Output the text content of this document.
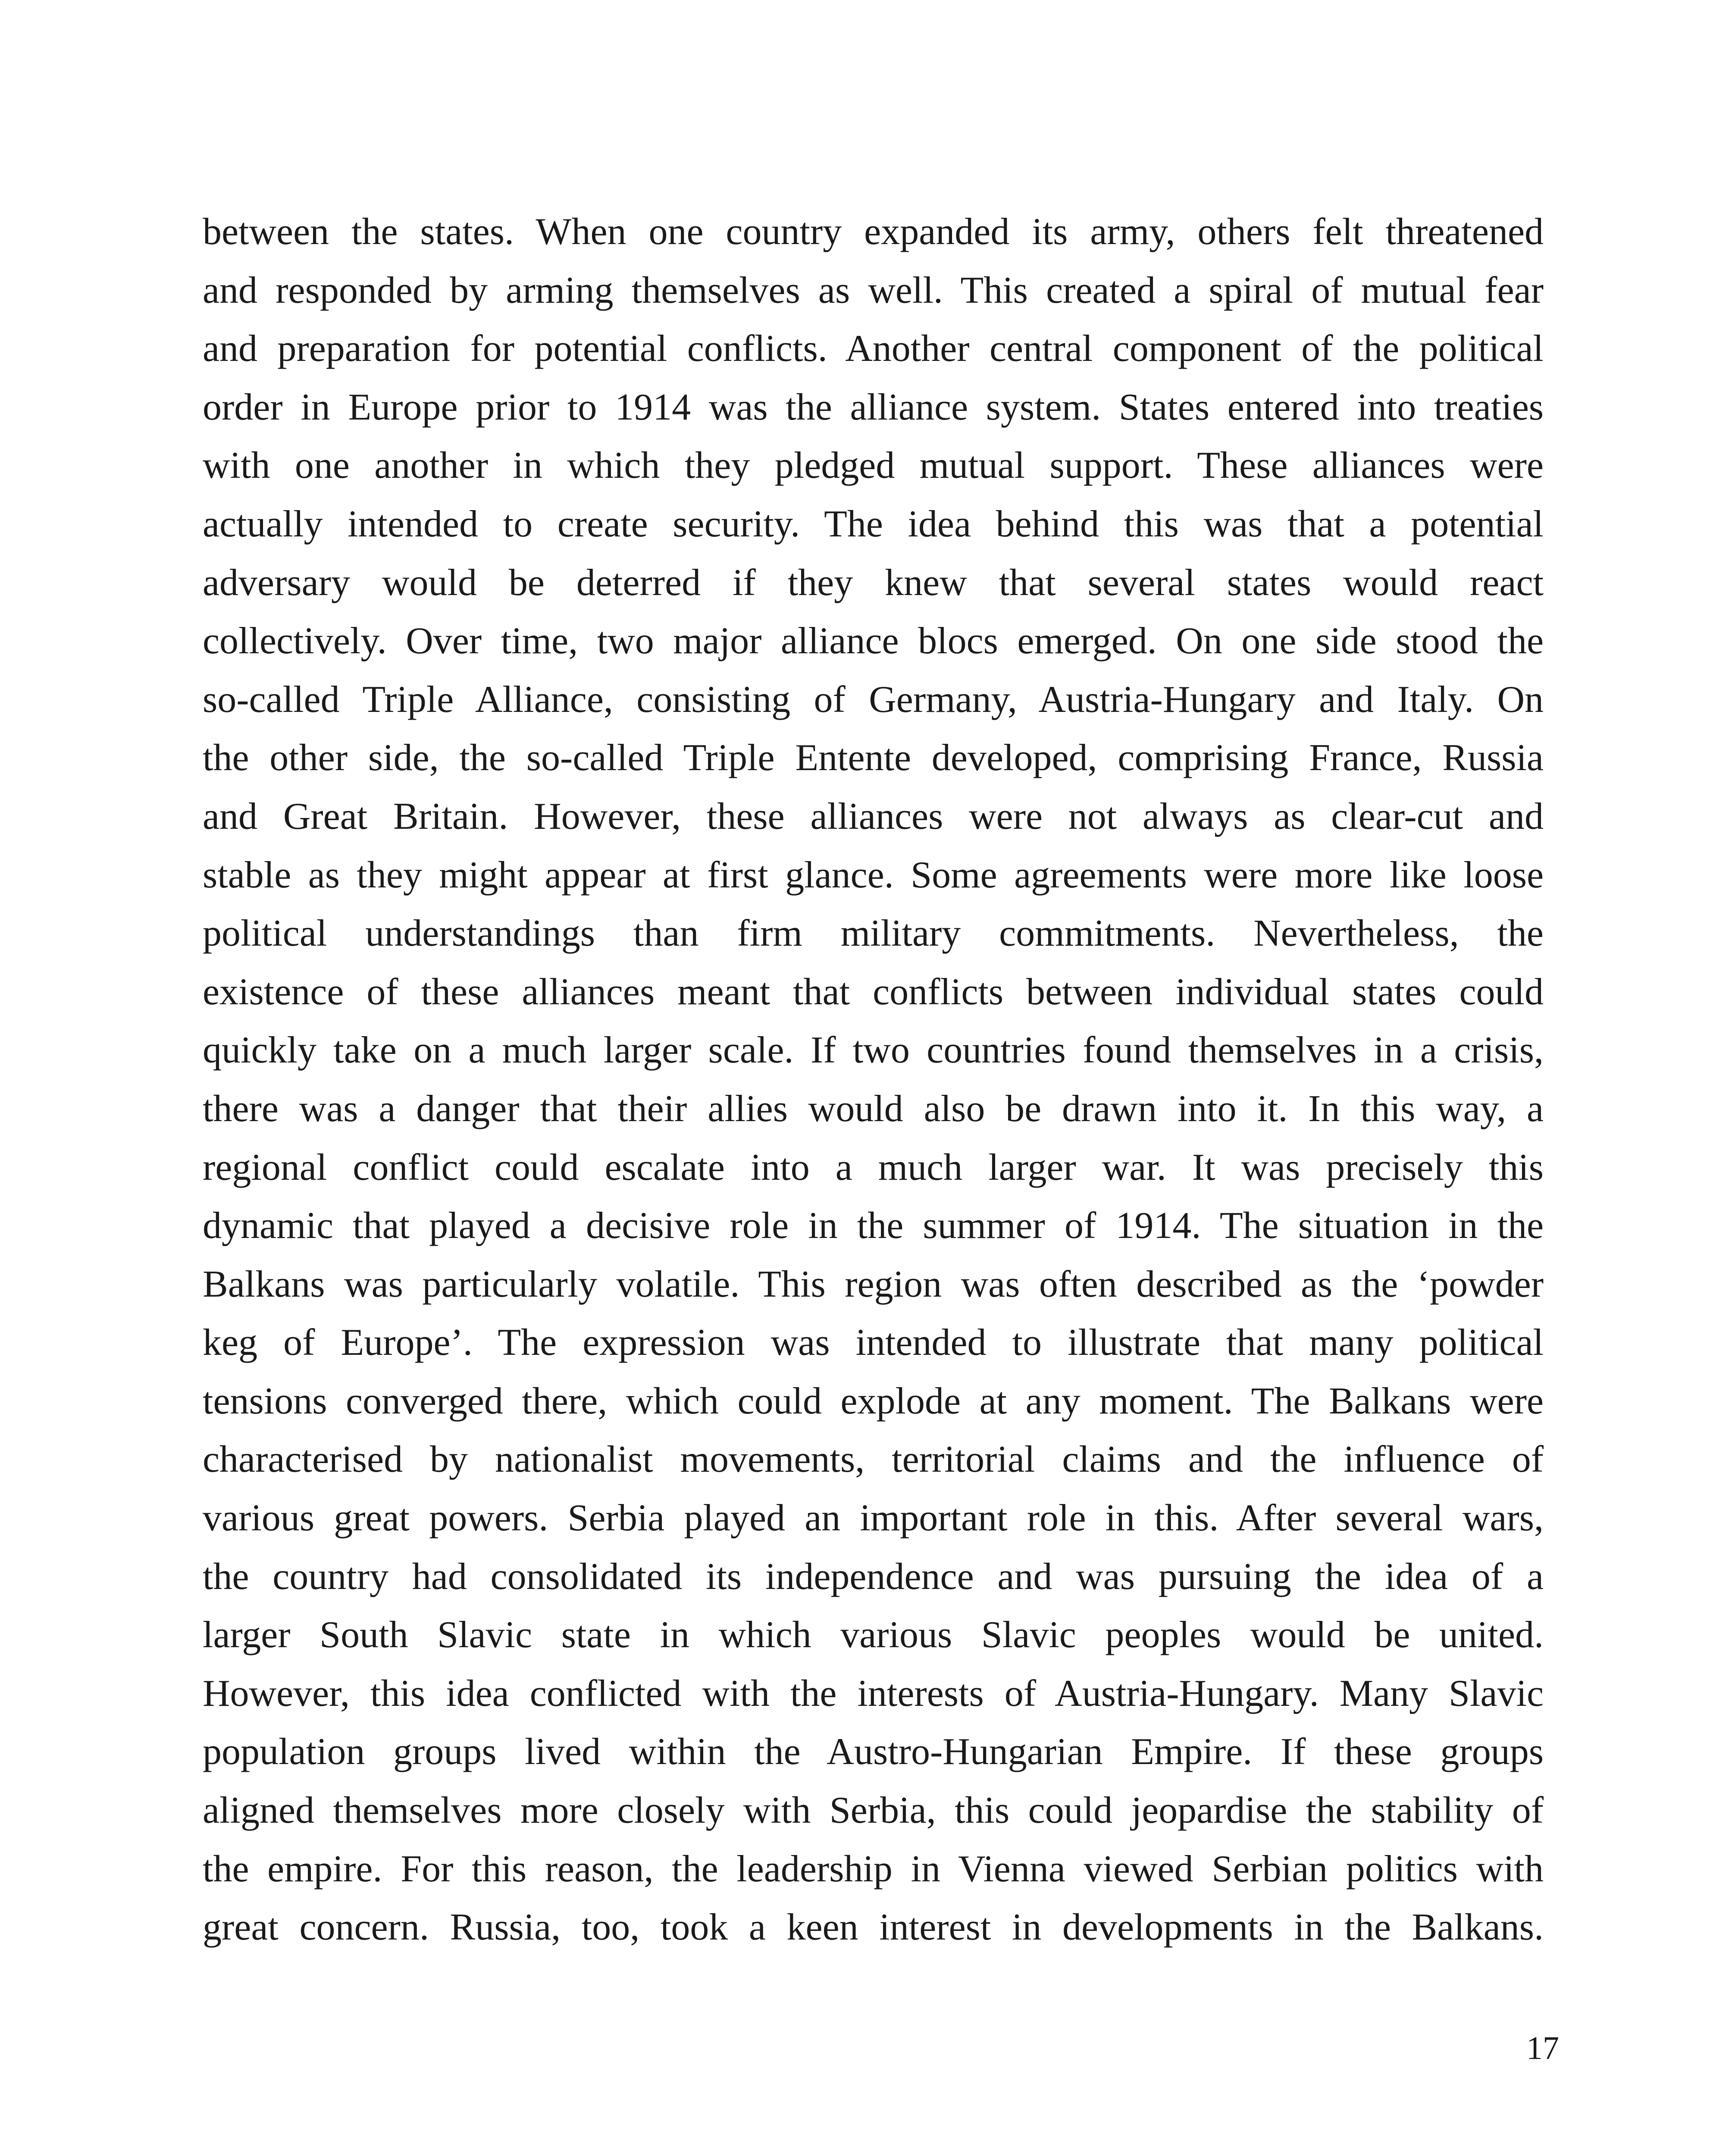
between the states. When one country expanded its army, others felt threatened
and responded by arming themselves as well. This created a spiral of mutual fear
and preparation for potential conflicts. Another central component of the political
order in Europe prior to 1914 was the alliance system. States entered into treaties
with one another in which they pledged mutual support. These alliances were
actually intended to create security. The idea behind this was that a potential
adversary would be deterred if they knew that several states would react
collectively. Over time, two major alliance blocs emerged. On one side stood the
so-called Triple Alliance, consisting of Germany, Austria-Hungary and Italy. On
the other side, the so-called Triple Entente developed, comprising France, Russia
and Great Britain. However, these alliances were not always as clear-cut and
stable as they might appear at first glance. Some agreements were more like loose
political understandings than firm military commitments. Nevertheless, the
existence of these alliances meant that conflicts between individual states could
quickly take on a much larger scale. If two countries found themselves in a crisis,
there was a danger that their allies would also be drawn into it. In this way, a
regional conflict could escalate into a much larger war. It was precisely this
dynamic that played a decisive role in the summer of 1914. The situation in the
Balkans was particularly volatile. This region was often described as the ‘powder
keg of Europe’. The expression was intended to illustrate that many political
tensions converged there, which could explode at any moment. The Balkans were
characterised by nationalist movements, territorial claims and the influence of
various great powers. Serbia played an important role in this. After several wars,
the country had consolidated its independence and was pursuing the idea of a
larger South Slavic state in which various Slavic peoples would be united.
However, this idea conflicted with the interests of Austria-Hungary. Many Slavic
population groups lived within the Austro-Hungarian Empire. If these groups
aligned themselves more closely with Serbia, this could jeopardise the stability of
the empire. For this reason, the leadership in Vienna viewed Serbian politics with
great concern. Russia, too, took a keen interest in developments in the Balkans.
17
